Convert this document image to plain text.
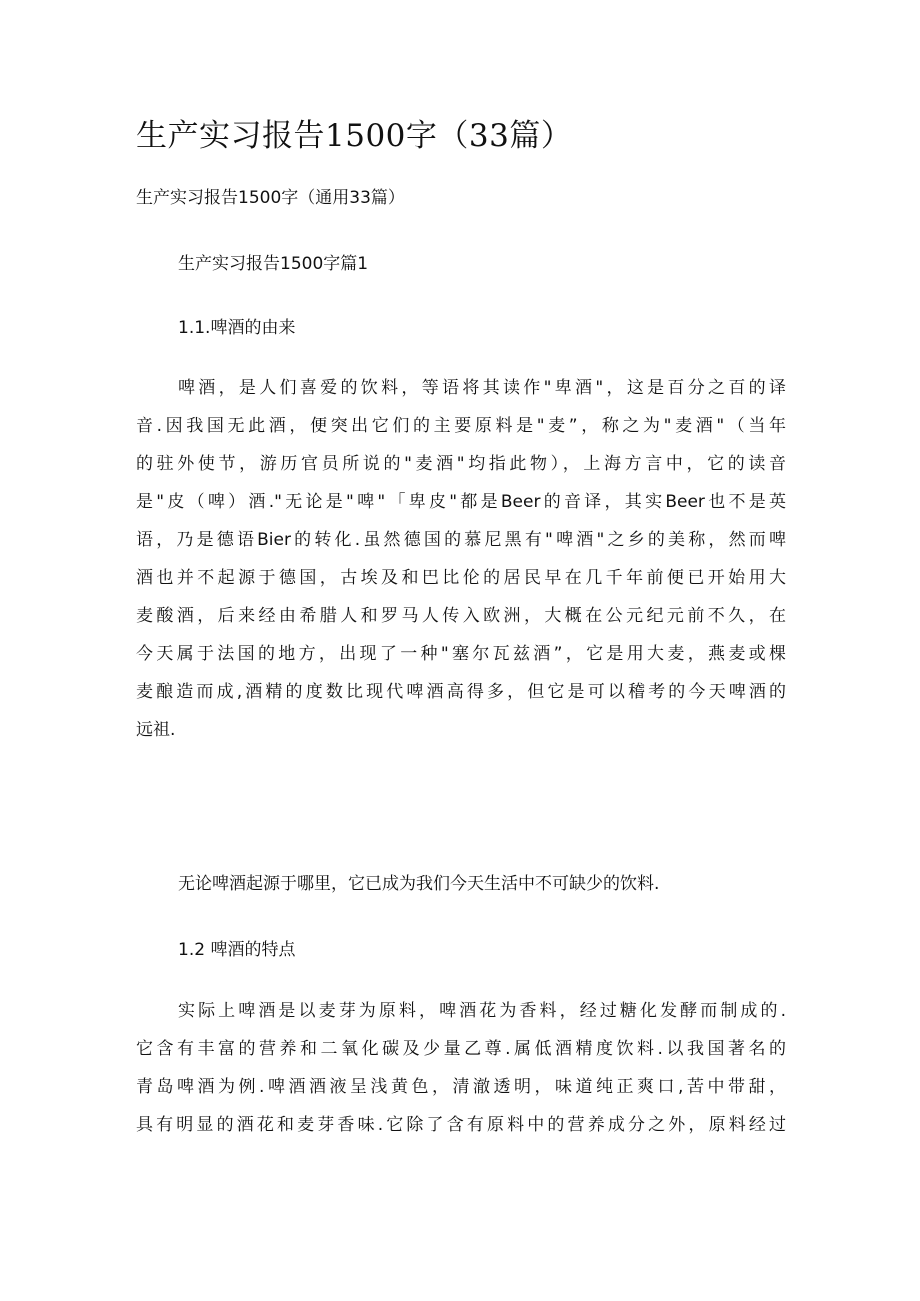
生产实习报告1500字（33篇）

生产实习报告1500字（通用33篇）

生产实习报告1500字篇1
1.1.啤酒的由来
啤酒，是人们喜爱的饮料，等语将其读作"卑酒"，这是百分之百的译
音.因我国无此酒，便突出它们的主要原料是"麦”，称之为"麦酒"（当年
的驻外使节，游历官员所说的"麦酒"均指此物），上海方言中，它的读音
是"皮（啤）酒."无论是"啤"「卑皮"都是Beer的音译，其实Beer也不是英
语，乃是德语Bier的转化.虽然德国的慕尼黑有"啤酒"之乡的美称，然而啤
酒也并不起源于德国，古埃及和巴比伦的居民早在几千年前便已开始用大
麦酸酒，后来经由希腊人和罗马人传入欧洲，大概在公元纪元前不久，在
今天属于法国的地方，出现了一种"塞尔瓦兹酒”，它是用大麦，燕麦或棵
麦酿造而成,酒精的度数比现代啤酒高得多，但它是可以稽考的今天啤酒的
远祖.
无论啤酒起源于哪里，它已成为我们今天生活中不可缺少的饮料.
1.2 啤酒的特点
实际上啤酒是以麦芽为原料，啤酒花为香料，经过糖化发酵而制成的.
它含有丰富的营养和二氧化碳及少量乙尊.属低酒精度饮料.以我国著名的
青岛啤酒为例.啤酒酒液呈浅黄色，清澈透明，味道纯正爽口,苦中带甜，
具有明显的酒花和麦芽香味.它除了含有原料中的营养成分之外，原料经过
